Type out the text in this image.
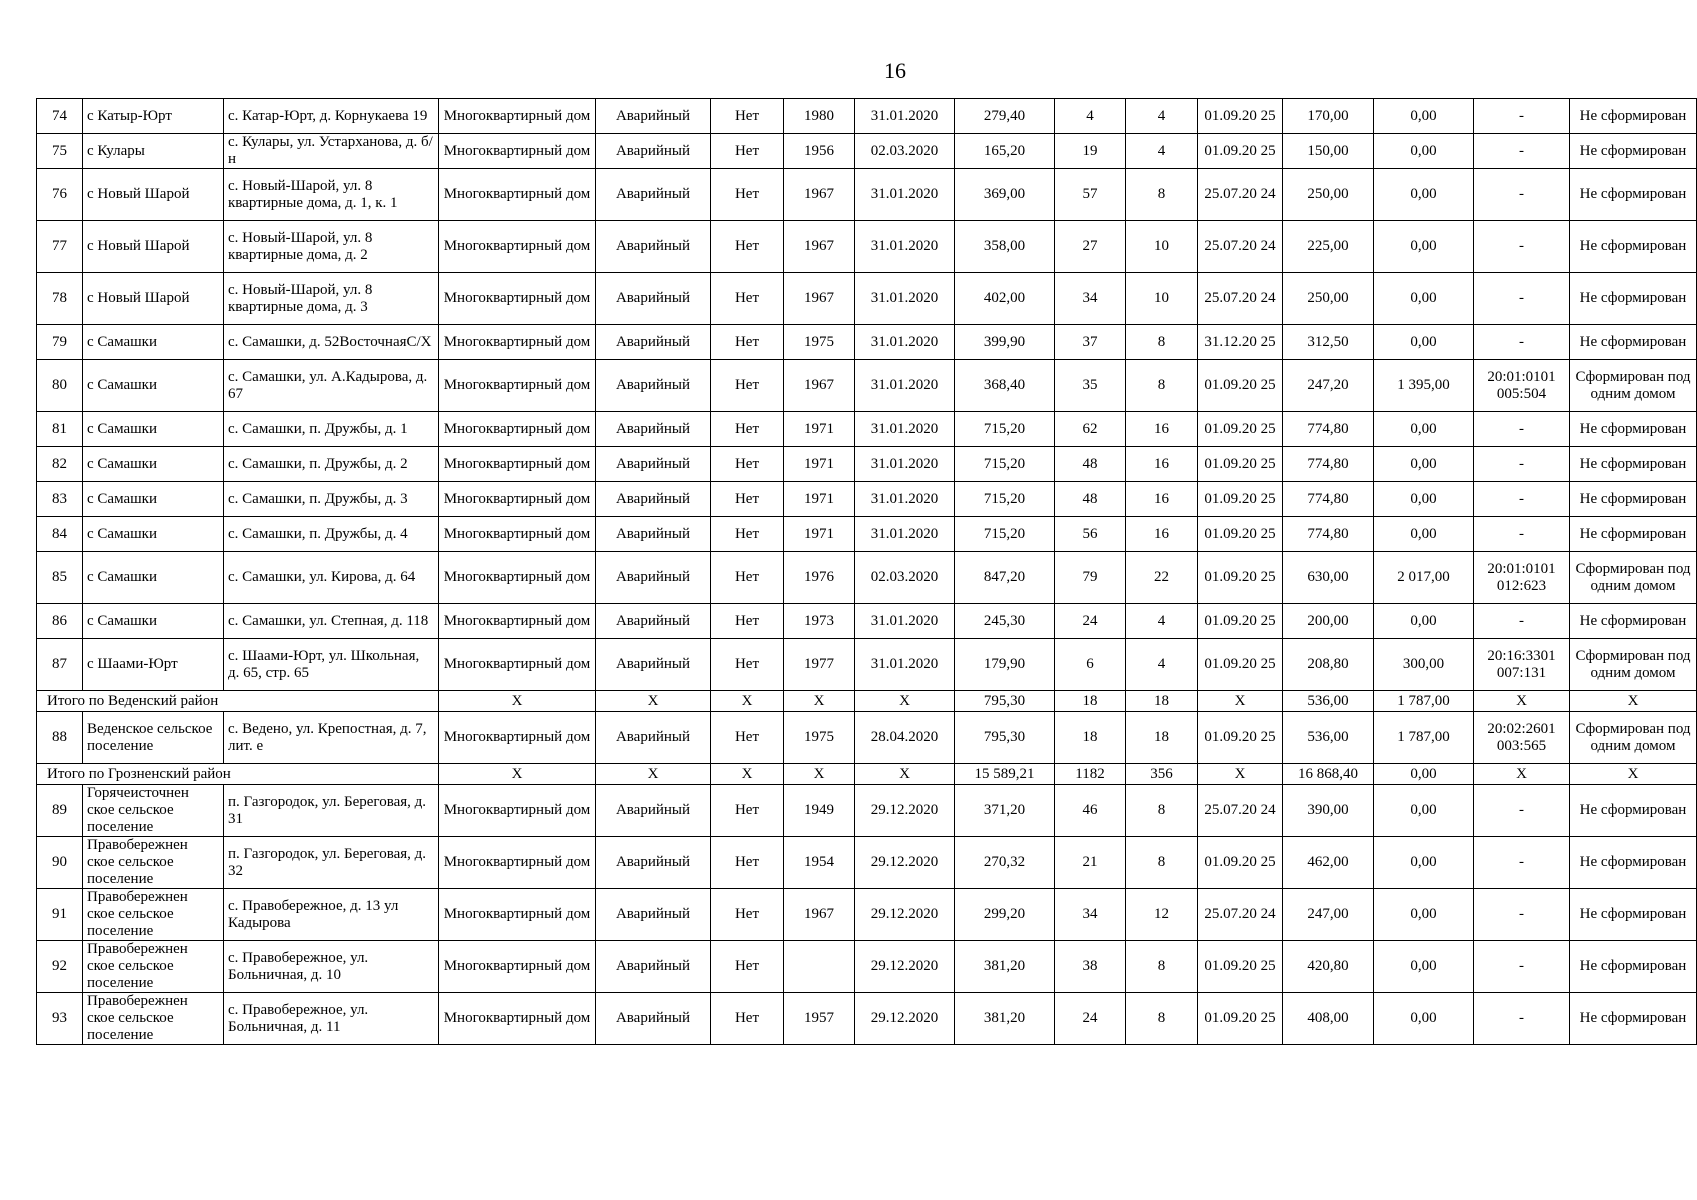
16
74	с Катыр-Юрт	с. Катар-Юрт, д. Корнукаева 19	Многоквартирный дом	Аварийный	Нет	1980	31.01.2020	279,40	4	4	01.09.20 25	170,00	0,00	-	Не сформирован
75	с Кулары	с. Кулары, ул. Устарханова, д. б/н	Многоквартирный дом	Аварийный	Нет	1956	02.03.2020	165,20	19	4	01.09.20 25	150,00	0,00	-	Не сформирован
76	с Новый Шарой	с. Новый-Шарой, ул. 8 квартирные дома, д. 1, к. 1	Многоквартирный дом	Аварийный	Нет	1967	31.01.2020	369,00	57	8	25.07.20 24	250,00	0,00	-	Не сформирован
77	с Новый Шарой	с. Новый-Шарой, ул. 8 квартирные дома, д. 2	Многоквартирный дом	Аварийный	Нет	1967	31.01.2020	358,00	27	10	25.07.20 24	225,00	0,00	-	Не сформирован
78	с Новый Шарой	с. Новый-Шарой, ул. 8 квартирные дома, д. 3	Многоквартирный дом	Аварийный	Нет	1967	31.01.2020	402,00	34	10	25.07.20 24	250,00	0,00	-	Не сформирован
79	с Самашки	с. Самашки, д. 52ВосточнаяС/Х	Многоквартирный дом	Аварийный	Нет	1975	31.01.2020	399,90	37	8	31.12.20 25	312,50	0,00	-	Не сформирован
80	с Самашки	с. Самашки, ул. А.Кадырова, д. 67	Многоквартирный дом	Аварийный	Нет	1967	31.01.2020	368,40	35	8	01.09.20 25	247,20	1 395,00	20:01:0101 005:504	Сформирован под одним домом
81	с Самашки	с. Самашки, п. Дружбы, д. 1	Многоквартирный дом	Аварийный	Нет	1971	31.01.2020	715,20	62	16	01.09.20 25	774,80	0,00	-	Не сформирован
82	с Самашки	с. Самашки, п. Дружбы, д. 2	Многоквартирный дом	Аварийный	Нет	1971	31.01.2020	715,20	48	16	01.09.20 25	774,80	0,00	-	Не сформирован
83	с Самашки	с. Самашки, п. Дружбы, д. 3	Многоквартирный дом	Аварийный	Нет	1971	31.01.2020	715,20	48	16	01.09.20 25	774,80	0,00	-	Не сформирован
84	с Самашки	с. Самашки, п. Дружбы, д. 4	Многоквартирный дом	Аварийный	Нет	1971	31.01.2020	715,20	56	16	01.09.20 25	774,80	0,00	-	Не сформирован
85	с Самашки	с. Самашки, ул. Кирова, д. 64	Многоквартирный дом	Аварийный	Нет	1976	02.03.2020	847,20	79	22	01.09.20 25	630,00	2 017,00	20:01:0101 012:623	Сформирован под одним домом
86	с Самашки	с. Самашки, ул. Степная, д. 118	Многоквартирный дом	Аварийный	Нет	1973	31.01.2020	245,30	24	4	01.09.20 25	200,00	0,00	-	Не сформирован
87	с Шаами-Юрт	с. Шаами-Юрт, ул. Школьная, д. 65, стр. 65	Многоквартирный дом	Аварийный	Нет	1977	31.01.2020	179,90	6	4	01.09.20 25	208,80	300,00	20:16:3301 007:131	Сформирован под одним домом
Итого по Веденский район			X	X	X	X	X	795,30	18	18	X	536,00	1 787,00	X	X
88	Веденское сельское поселение	с. Ведено, ул. Крепостная, д. 7, лит. е	Многоквартирный дом	Аварийный	Нет	1975	28.04.2020	795,30	18	18	01.09.20 25	536,00	1 787,00	20:02:2601 003:565	Сформирован под одним домом
Итого по Грозненский район			X	X	X	X	X	15 589,21	1182	356	X	16 868,40	0,00	X	X
89	Горячеисточнен ское сельское поселение	п. Газгородок, ул. Береговая, д. 31	Многоквартирный дом	Аварийный	Нет	1949	29.12.2020	371,20	46	8	25.07.20 24	390,00	0,00	-	Не сформирован
90	Правобережнен ское сельское поселение	п. Газгородок, ул. Береговая, д. 32	Многоквартирный дом	Аварийный	Нет	1954	29.12.2020	270,32	21	8	01.09.20 25	462,00	0,00	-	Не сформирован
91	Правобережнен ское сельское поселение	с. Правобережное, д. 13 ул Кадырова	Многоквартирный дом	Аварийный	Нет	1967	29.12.2020	299,20	34	12	25.07.20 24	247,00	0,00	-	Не сформирован
92	Правобережнен ское сельское поселение	с. Правобережное, ул. Больничная, д. 10	Многоквартирный дом	Аварийный	Нет		29.12.2020	381,20	38	8	01.09.20 25	420,80	0,00	-	Не сформирован
93	Правобережнен ское сельское поселение	с. Правобережное, ул. Больничная, д. 11	Многоквартирный дом	Аварийный	Нет	1957	29.12.2020	381,20	24	8	01.09.20 25	408,00	0,00	-	Не сформирован
